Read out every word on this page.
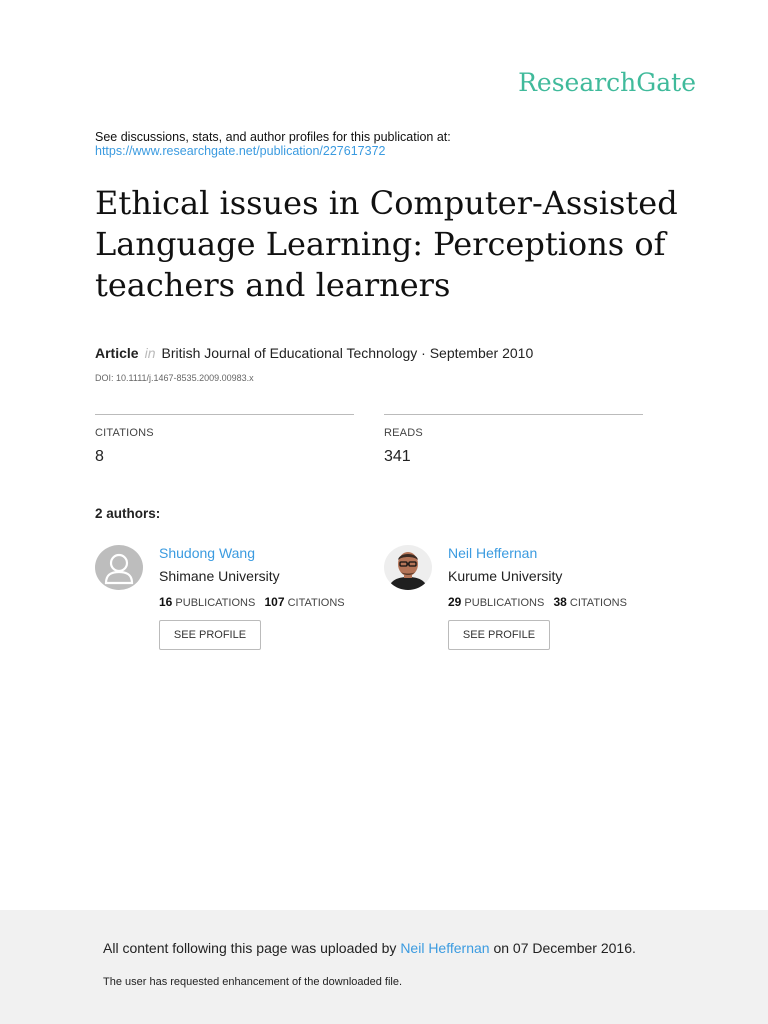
ResearchGate
See discussions, stats, and author profiles for this publication at:
https://www.researchgate.net/publication/227617372
Ethical issues in Computer-Assisted Language Learning: Perceptions of teachers and learners
Article in British Journal of Educational Technology · September 2010
DOI: 10.1111/j.1467-8535.2009.00983.x
CITATIONS
8
READS
341
2 authors:
Shudong Wang
Shimane University
16 PUBLICATIONS 107 CITATIONS
SEE PROFILE
Neil Heffernan
Kurume University
29 PUBLICATIONS 38 CITATIONS
SEE PROFILE
All content following this page was uploaded by Neil Heffernan on 07 December 2016.
The user has requested enhancement of the downloaded file.
